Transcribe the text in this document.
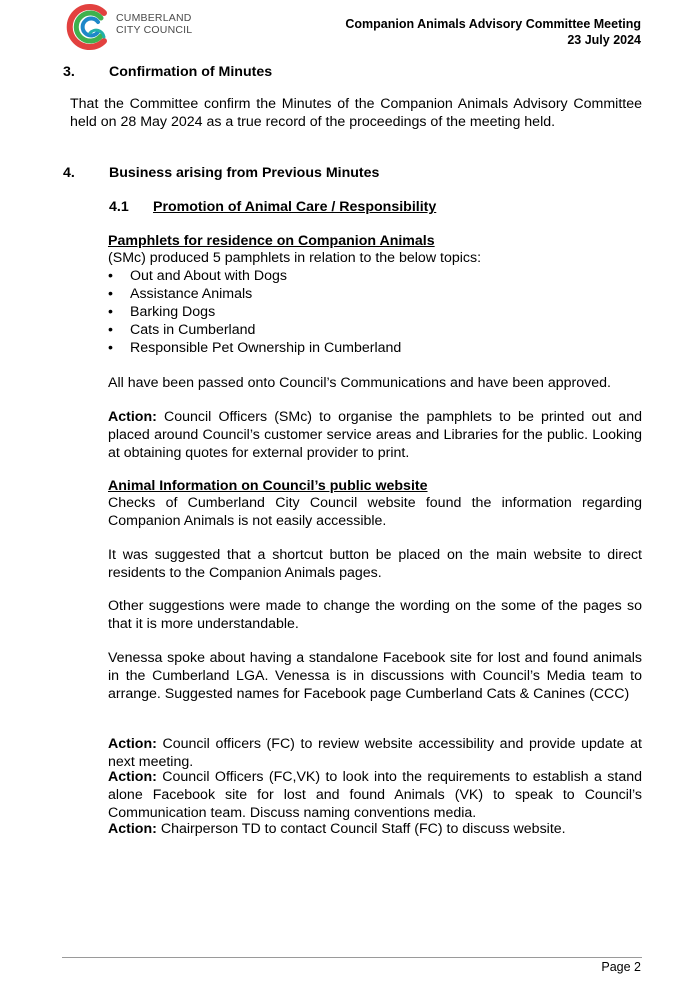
CUMBERLAND
CITY COUNCIL	Companion Animals Advisory Committee Meeting
23 July 2024
3. Confirmation of Minutes
That the Committee confirm the Minutes of the Companion Animals Advisory Committee held on 28 May 2024 as a true record of the proceedings of the meeting held.
4. Business arising from Previous Minutes
4.1 Promotion of Animal Care / Responsibility
Pamphlets for residence on Companion Animals
(SMc) produced 5 pamphlets in relation to the below topics:
• Out and About with Dogs
• Assistance Animals
• Barking Dogs
• Cats in Cumberland
• Responsible Pet Ownership in Cumberland
All have been passed onto Council’s Communications and have been approved.
Action: Council Officers (SMc) to organise the pamphlets to be printed out and placed around Council’s customer service areas and Libraries for the public. Looking at obtaining quotes for external provider to print.
Animal Information on Council’s public website
Checks of Cumberland City Council website found the information regarding Companion Animals is not easily accessible.
It was suggested that a shortcut button be placed on the main website to direct residents to the Companion Animals pages.
Other suggestions were made to change the wording on the some of the pages so that it is more understandable.
Venessa spoke about having a standalone Facebook site for lost and found animals in the Cumberland LGA. Venessa is in discussions with Council’s Media team to arrange. Suggested names for Facebook page Cumberland Cats & Canines (CCC)
Action: Council officers (FC) to review website accessibility and provide update at next meeting.
Action: Council Officers (FC,VK) to look into the requirements to establish a stand alone Facebook site for lost and found Animals (VK) to speak to Council’s Communication team. Discuss naming conventions media.
Action: Chairperson TD to contact Council Staff (FC) to discuss website.
Page 2
